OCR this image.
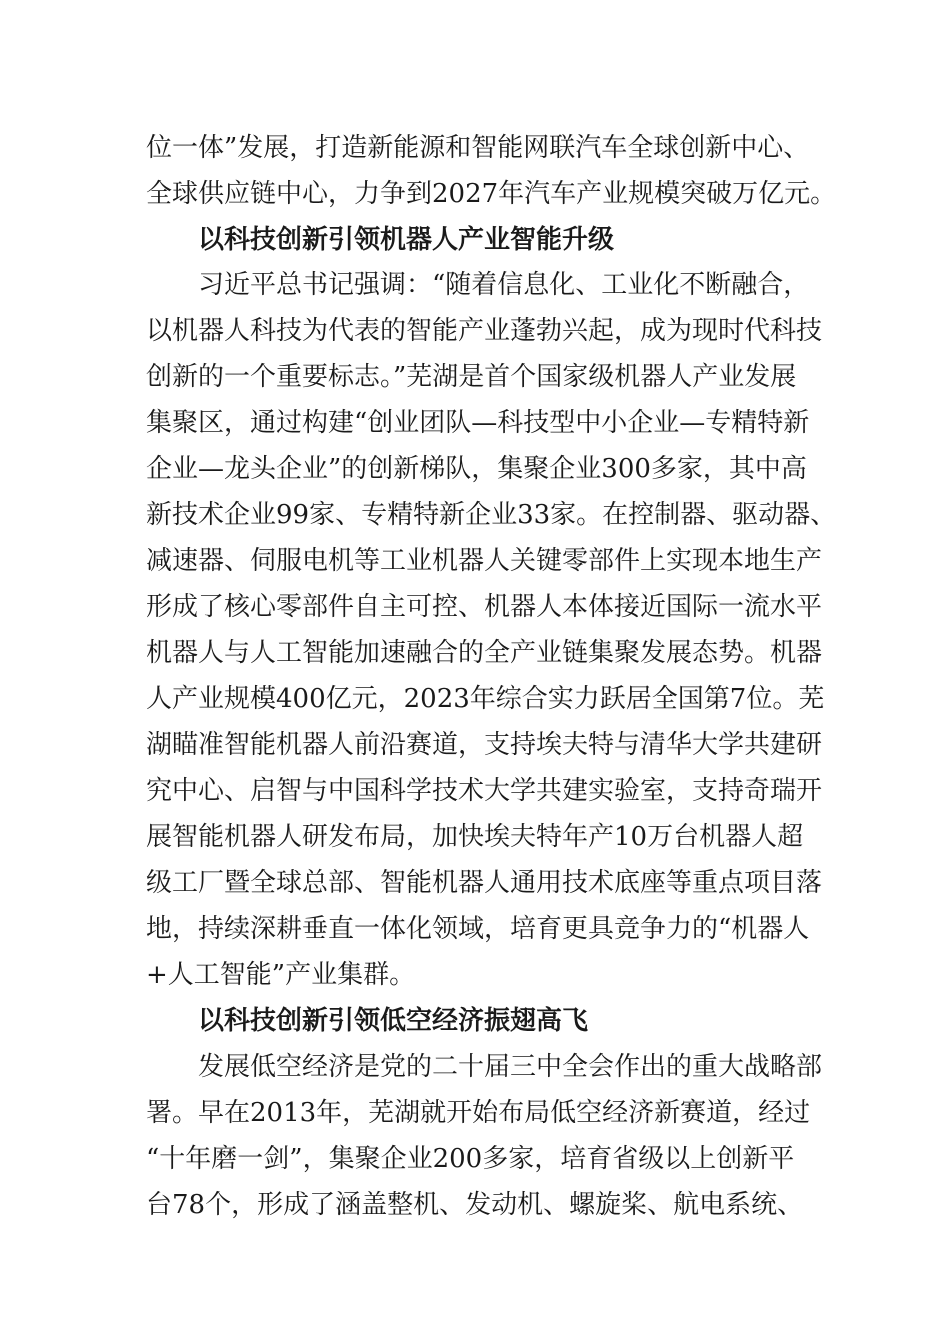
位一体”发展，打造新能源和智能网联汽车全球创新中心、
全球供应链中心，力争到2027年汽车产业规模突破万亿元。
以科技创新引领机器人产业智能升级
习近平总书记强调：“随着信息化、工业化不断融合，
以机器人科技为代表的智能产业蓬勃兴起，成为现时代科技
创新的一个重要标志。”芜湖是首个国家级机器人产业发展
集聚区，通过构建“创业团队—科技型中小企业—专精特新
企业—龙头企业”的创新梯队，集聚企业300多家，其中高
新技术企业99家、专精特新企业33家。在控制器、驱动器、
减速器、伺服电机等工业机器人关键零部件上实现本地生产
形成了核心零部件自主可控、机器人本体接近国际一流水平
机器人与人工智能加速融合的全产业链集聚发展态势。机器
人产业规模400亿元，2023年综合实力跃居全国第7位。芜
湖瞄准智能机器人前沿赛道，支持埃夫特与清华大学共建研
究中心、启智与中国科学技术大学共建实验室，支持奇瑞开
展智能机器人研发布局，加快埃夫特年产10万台机器人超
级工厂暨全球总部、智能机器人通用技术底座等重点项目落
地，持续深耕垂直一体化领域，培育更具竞争力的“机器人
+人工智能”产业集群。
以科技创新引领低空经济振翅高飞
发展低空经济是党的二十届三中全会作出的重大战略部
署。早在2013年，芜湖就开始布局低空经济新赛道，经过
“十年磨一剑”，集聚企业200多家，培育省级以上创新平
台78个，形成了涵盖整机、发动机、螺旋桨、航电系统、
